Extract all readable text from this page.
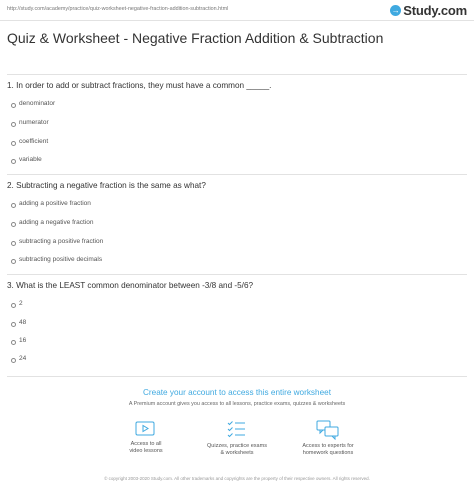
http://study.com/academy/practice/quiz-worksheet-negative-fraction-addition-subtraction.html	→ Study.com
Quiz & Worksheet - Negative Fraction Addition & Subtraction
1. In order to add or subtract fractions, they must have a common _____.
denominator
numerator
coefficient
variable
2. Subtracting a negative fraction is the same as what?
adding a positive fraction
adding a negative fraction
subtracting a positive fraction
subtracting positive decimals
3. What is the LEAST common denominator between -3/8 and -5/6?
2
48
16
24
Create your account to access this entire worksheet
A Premium account gives you access to all lessons, practice exams, quizzes & worksheets
Access to all
video lessons
Quizzes, practice exams
& worksheets
Access to experts for
homework questions
© copyright 2003-2020 Study.com. All other trademarks and copyrights are the property of their respective owners. All rights reserved.
